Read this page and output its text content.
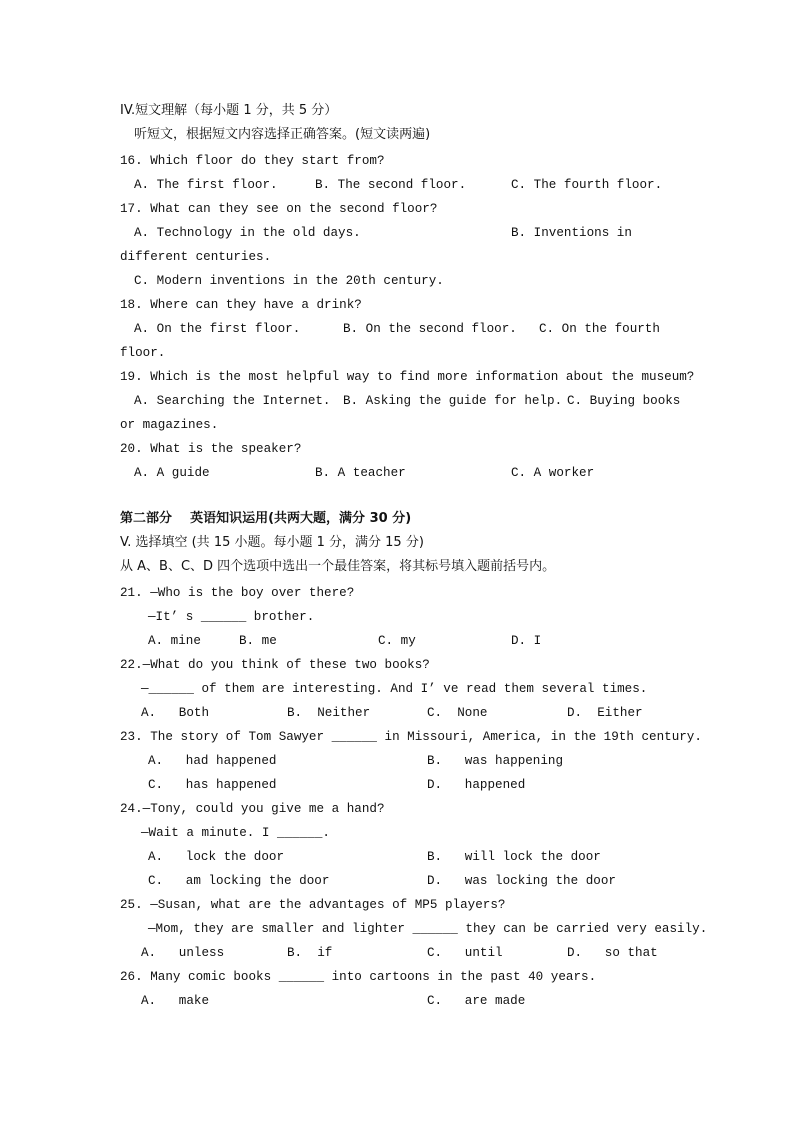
IV.短文理解（每小题 1 分，共 5 分）
听短文，根据短文内容选择正确答案。(短文读两遍)
16. Which floor do they start from?
A. The first floor.	B. The second floor.	C. The fourth floor.
17. What can they see on the second floor?
A. Technology in the old days.	B. Inventions in
different centuries.
C. Modern inventions in the 20th century.
18. Where can they have a drink?
A. On the first floor.	B. On the second floor. C. On the fourth
floor.
19. Which is the most helpful way to find more information about the museum?
A. Searching the Internet. B. Asking the guide for help. C. Buying books
or magazines.
20. What is the speaker?
A. A guide	B. A teacher	C. A worker
第二部分    英语知识运用(共两大题，满分 30 分)
V. 选择填空 (共 15 小题。每小题 1 分，满分 15 分)
从 A、B、C、D 四个选项中选出一个最佳答案，将其标号填入题前括号内。
21. —Who is the boy over there?
—It’ s ______ brother.
A. mine	B. me	C. my	D. I
22.—What do you think of these two books?
—______ of them are interesting. And I’ ve read them several times.
A.   Both	B.  Neither	C.  None	D.  Either
23. The story of Tom Sawyer ______ in Missouri, America, in the 19th century.
A.   had happened	B.   was happening
C.   has happened	D.   happened
24.—Tony, could you give me a hand?
—Wait a minute. I ______.
A.   lock the door	B.   will lock the door
C.   am locking the door	D.   was locking the door
25. —Susan, what are the advantages of MP5 players?
—Mom, they are smaller and lighter ______ they can be carried very easily.
A.   unless	B.  if	C.   until	D.   so that
26. Many comic books ______ into cartoons in the past 40 years.
A.   make	C.   are made
